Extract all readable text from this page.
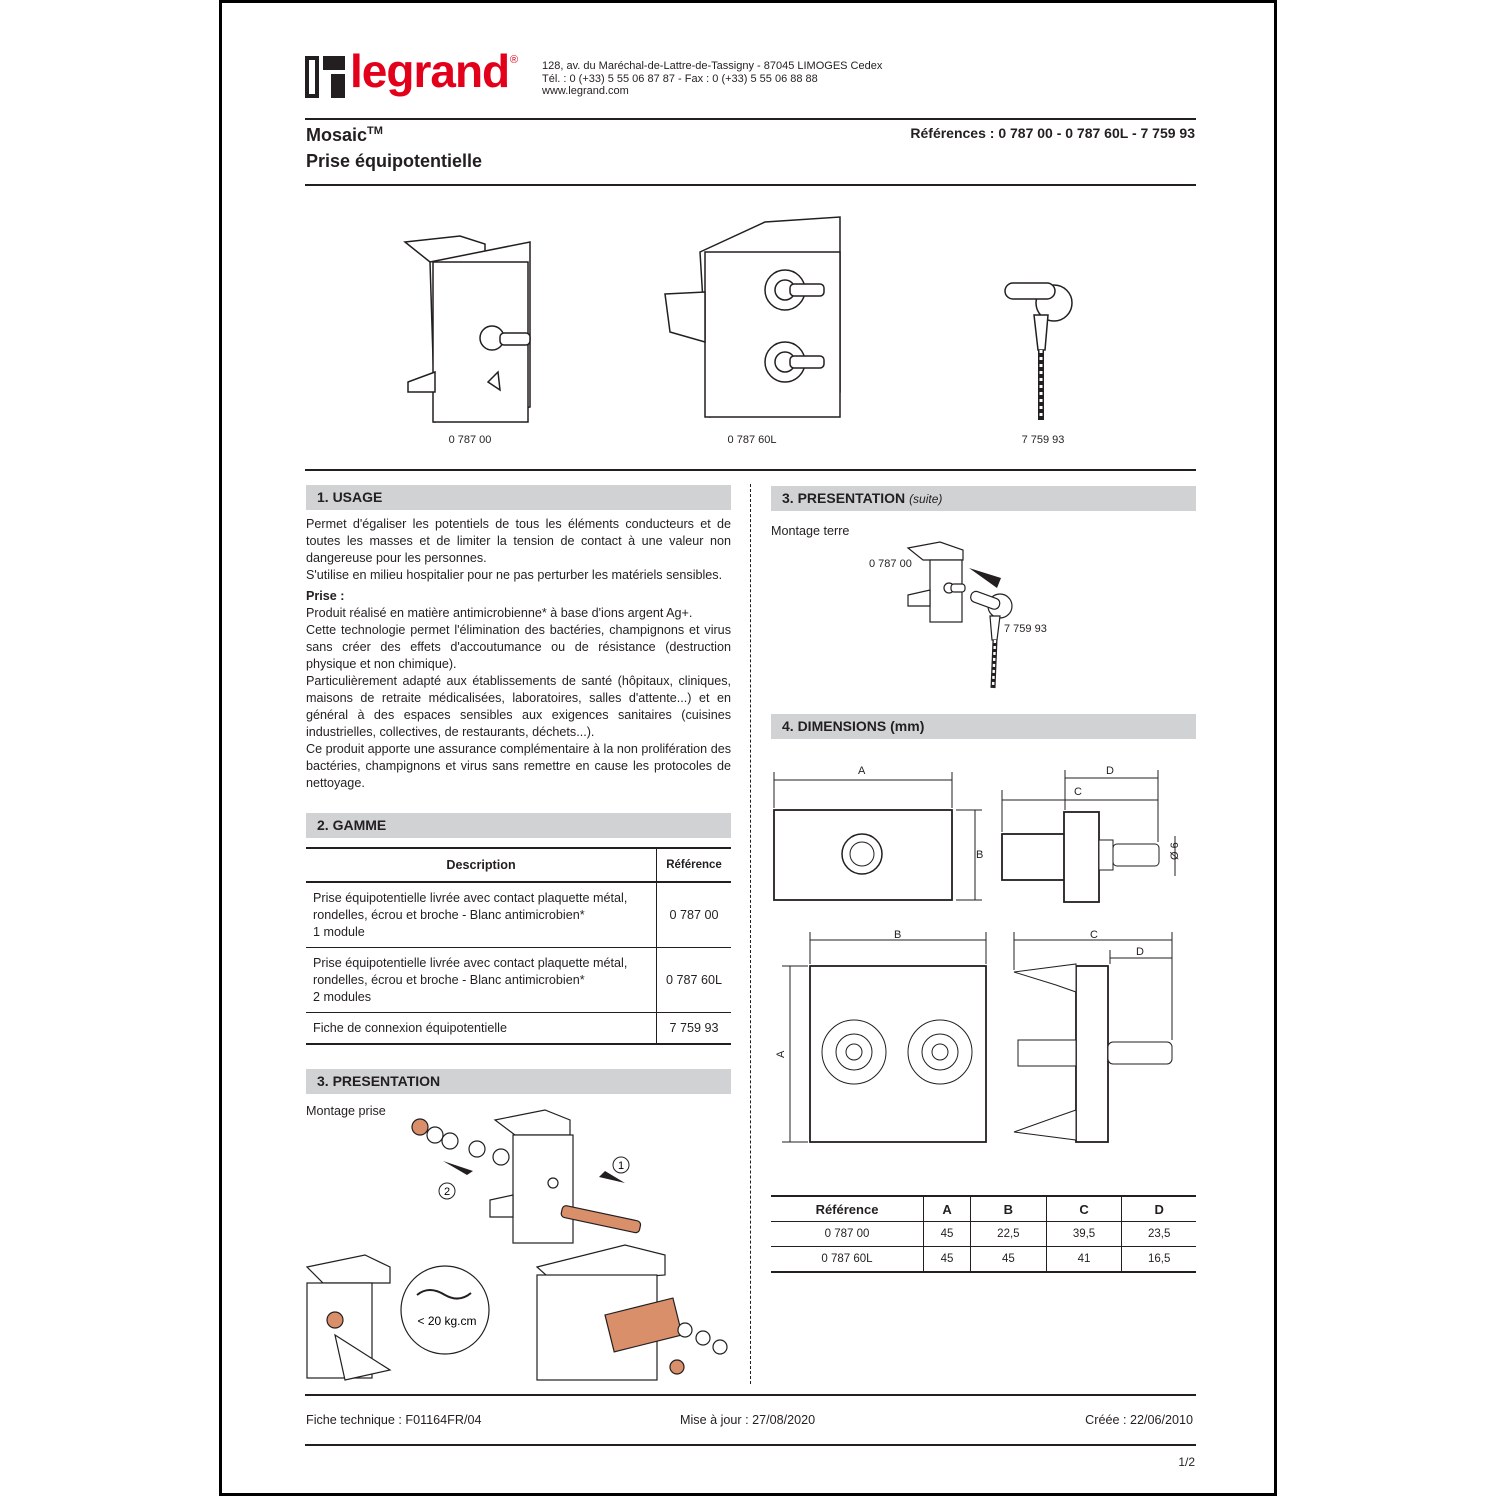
legrand ® 128, av. du Maréchal-de-Lattre-de-Tassigny - 87045 LIMOGES Cedex
Tél. : 0 (+33) 5 55 06 87 87 - Fax : 0 (+33) 5 55 06 88 88
www.legrand.com
Mosaic™
Prise équipotentielle
Références : 0 787 00 - 0 787 60L - 7 759 93
0 787 00	0 787 60L	7 759 93
1. USAGE

Permet d'égaliser les potentiels de tous les éléments conducteurs et de toutes les masses et de limiter la tension de contact à une valeur non dangereuse pour les personnes.

S'utilise en milieu hospitalier pour ne pas perturber les matériels sensibles.

Prise :

Produit réalisé en matière antimicrobienne* à base d'ions argent Ag+.

Cette technologie permet l'élimination des bactéries, champignons et virus sans créer des effets d'accoutumance ou de résistance (destruction physique et non chimique).

Particulièrement adapté aux établissements de santé (hôpitaux, cliniques, maisons de retraite médicalisées, laboratoires, salles d'attente...) et en général à des espaces sensibles aux exigences sanitaires (cuisines industrielles, collectives, de restaurants, déchets...).

Ce produit apporte une assurance complémentaire à la non prolifération des bactéries, champignons et virus sans remettre en cause les protocoles de nettoyage.

2. GAMME
Description	Référence

Prise équipotentielle livrée avec contact plaquette métal,
rondelles, écrou et broche - Blanc antimicrobien*
1 module	0 787 00

Prise équipotentielle livrée avec contact plaquette métal,
rondelles, écrou et broche - Blanc antimicrobien*
2 modules	0 787 60L
Fiche de connexion équipotentielle	7 759 93
3. PRESENTATION
Montage prise
1
2
< 20 kg.cm
3. PRESENTATION (suite)
Montage terre
0 787 00
7 759 93
4. DIMENSIONS (mm)
A
B
D
C
Ø 6
B
A
C
D
Référence	A	B	C	D
0 787 00	45	22,5	39,5	23,5
0 787 60L	45	45	41	16,5
Fiche technique : F01164FR/04	Mise à jour : 27/08/2020	Créée : 22/06/2010
1/2
